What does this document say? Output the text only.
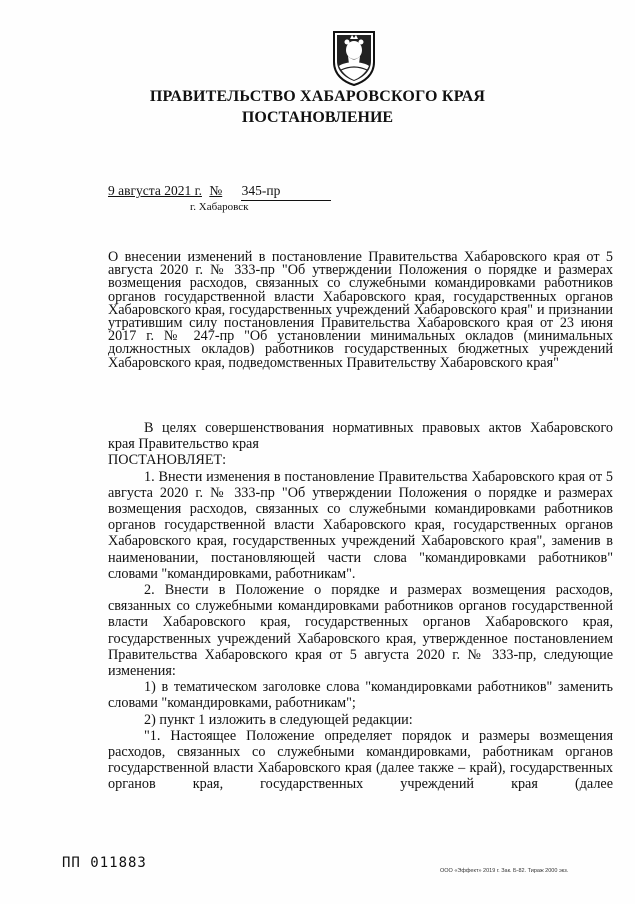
ПРАВИТЕЛЬСТВО ХАБАРОВСКОГО КРАЯ
ПОСТАНОВЛЕНИЕ
9 августа 2021 г. № 345-пр
г. Хабаровск
О внесении изменений в постановление Правительства Хабаровского края от 5 августа 2020 г. № 333-пр "Об утверждении Положения о порядке и размерах возмещения расходов, связанных со служебными командировками работников органов государственной власти Хабаровского края, государственных органов Хабаровского края, государственных учреждений Хабаровского края" и признании утратившим силу постановления Правительства Хабаровского края от 23 июня 2017 г. № 247-пр "Об установлении минимальных окладов (минимальных должностных окладов) работников государственных бюджетных учреждений Хабаровского края, подведомственных Правительству Хабаровского края"

В целях совершенствования нормативных правовых актов Хабаровского края Правительство края

ПОСТАНОВЛЯЕТ:

1. Внести изменения в постановление Правительства Хабаровского края от 5 августа 2020 г. № 333-пр "Об утверждении Положения о порядке и размерах возмещения расходов, связанных со служебными командировками работников органов государственной власти Хабаровского края, государственных органов Хабаровского края, государственных учреждений Хабаровского края", заменив в наименовании, постановляющей части слова "командировками работников" словами "командировками, работникам".

2. Внести в Положение о порядке и размерах возмещения расходов, связанных со служебными командировками работников органов государственной власти Хабаровского края, государственных органов Хабаровского края, государственных учреждений Хабаровского края, утвержденное постановлением Правительства Хабаровского края от 5 августа 2020 г. № 333-пр, следующие изменения:

1) в тематическом заголовке слова "командировками работников" заменить словами "командировками, работникам";

2) пункт 1 изложить в следующей редакции:

"1. Настоящее Положение определяет порядок и размеры возмещения расходов, связанных со служебными командировками, работникам органов государственной власти Хабаровского края (далее также – край), государственных органов края, государственных учреждений края (далее

ПП 011883	ООО «Эффект» 2019 г. Зак. Б-82. Тираж 2000 экз.
